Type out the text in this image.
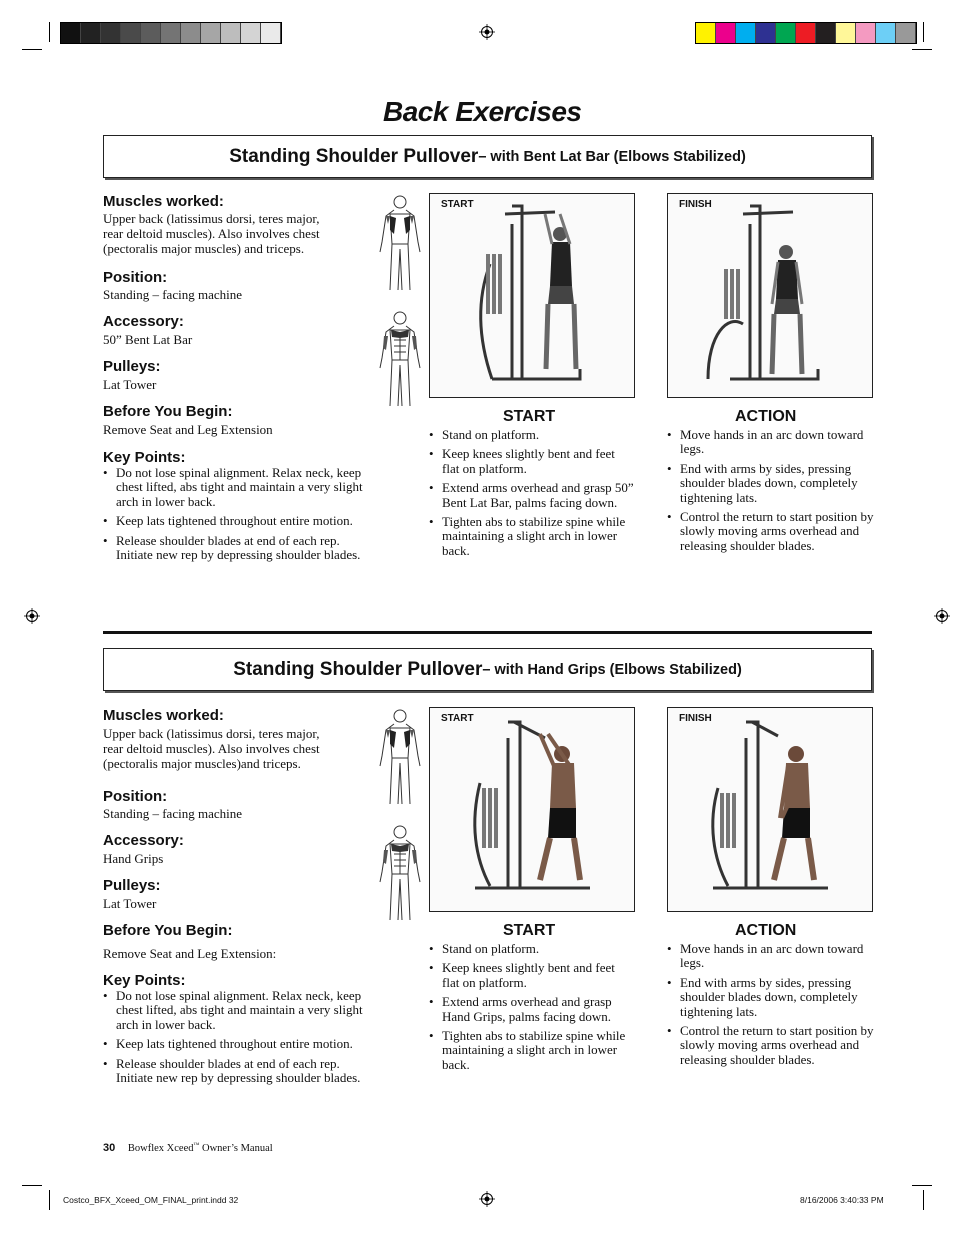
Back Exercises
Standing Shoulder Pullover – with Bent Lat Bar (Elbows Stabilized)

Muscles worked:

Upper back (latissimus dorsi, teres major,
rear deltoid muscles). Also involves chest
(pectoralis major muscles) and triceps.

Position:

Standing – facing machine

Accessory:

50” Bent Lat Bar

Pulleys:

Lat Tower

Before You Begin:

Remove Seat and Leg Extension

Key Points:

• Do not lose spinal alignment. Relax neck, keep chest lifted, abs tight and maintain a very slight arch in lower back.
• Keep lats tightened throughout entire motion.
• Release shoulder blades at end of each rep. Initiate new rep by depressing shoulder blades.
START	FINISH

START

• Stand on platform.
• Keep knees slightly bent and feet flat on platform.
• Extend arms overhead and grasp 50” Bent Lat Bar, palms facing down.
• Tighten abs to stabilize spine while maintaining a slight arch in lower back.

ACTION

• Move hands in an arc down toward legs.
• End with arms by sides, pressing shoulder blades down, completely tightening lats.
• Control the return to start position by slowly moving arms overhead and releasing shoulder blades.
Standing Shoulder Pullover – with Hand Grips (Elbows Stabilized)

Muscles worked:

Upper back (latissimus dorsi, teres major,
rear deltoid muscles). Also involves chest
(pectoralis major muscles)and triceps.

Position:

Standing – facing machine

Accessory:

Hand Grips

Pulleys:

Lat Tower

Before You Begin:

Remove Seat and Leg Extension:

Key Points:

• Do not lose spinal alignment. Relax neck, keep chest lifted, abs tight and maintain a very slight arch in lower back.
• Keep lats tightened throughout entire motion.
• Release shoulder blades at end of each rep. Initiate new rep by depressing shoulder blades.
START	FINISH

START

• Stand on platform.
• Keep knees slightly bent and feet flat on platform.
• Extend arms overhead and grasp Hand Grips, palms facing down.
• Tighten abs to stabilize spine while maintaining a slight arch in lower back.

ACTION

• Move hands in an arc down toward legs.
• End with arms by sides, pressing shoulder blades down, completely tightening lats.
• Control the return to start position by slowly moving arms overhead and releasing shoulder blades.
30 Bowflex Xceed™ Owner’s Manual
Costco_BFX_Xceed_OM_FINAL_print.indd 32	8/16/2006 3:40:33 PM
